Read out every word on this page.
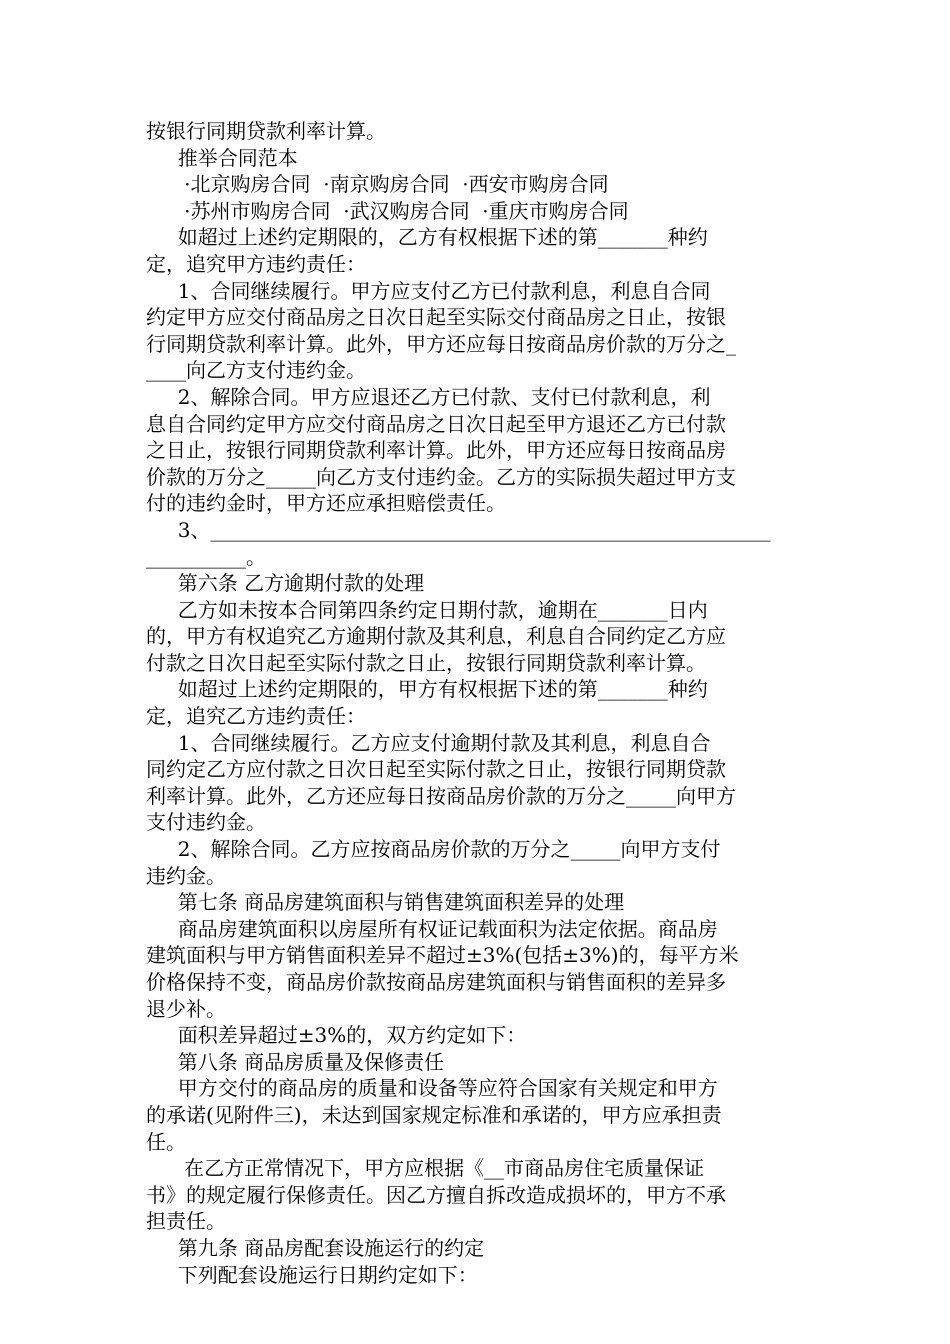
按银行同期贷款利率计算。
推举合同范本
·北京购房合同  ·南京购房合同  ·西安市购房合同
·苏州市购房合同  ·武汉购房合同  ·重庆市购房合同
如超过上述约定期限的，乙方有权根据下述的第_______种约
定，追究甲方违约责任：
1、合同继续履行。甲方应支付乙方已付款利息，利息自合同
约定甲方应交付商品房之日次日起至实际交付商品房之日止，按银
行同期贷款利率计算。此外，甲方还应每日按商品房价款的万分之_
____向乙方支付违约金。
2、解除合同。甲方应退还乙方已付款、支付已付款利息，利
息自合同约定甲方应交付商品房之日次日起至甲方退还乙方已付款
之日止，按银行同期贷款利率计算。此外，甲方还应每日按商品房
价款的万分之_____向乙方支付违约金。乙方的实际损失超过甲方支
付的违约金时，甲方还应承担赔偿责任。
3、________________________________________________________
__________。
第六条 乙方逾期付款的处理
乙方如未按本合同第四条约定日期付款，逾期在_______日内
的，甲方有权追究乙方逾期付款及其利息，利息自合同约定乙方应
付款之日次日起至实际付款之日止，按银行同期贷款利率计算。
如超过上述约定期限的，甲方有权根据下述的第_______种约
定，追究乙方违约责任：
1、合同继续履行。乙方应支付逾期付款及其利息，利息自合
同约定乙方应付款之日次日起至实际付款之日止，按银行同期贷款
利率计算。此外，乙方还应每日按商品房价款的万分之_____向甲方
支付违约金。
2、解除合同。乙方应按商品房价款的万分之_____向甲方支付
违约金。
第七条 商品房建筑面积与销售建筑面积差异的处理
商品房建筑面积以房屋所有权证记载面积为法定依据。商品房
建筑面积与甲方销售面积差异不超过±3%(包括±3%)的，每平方米
价格保持不变，商品房价款按商品房建筑面积与销售面积的差异多
退少补。
面积差异超过±3%的，双方约定如下：
第八条 商品房质量及保修责任
甲方交付的商品房的质量和设备等应符合国家有关规定和甲方
的承诺(见附件三)，未达到国家规定标准和承诺的，甲方应承担责
任。
在乙方正常情况下，甲方应根据《__市商品房住宅质量保证
书》的规定履行保修责任。因乙方擅自拆改造成损坏的，甲方不承
担责任。
第九条 商品房配套设施运行的约定
下列配套设施运行日期约定如下：
